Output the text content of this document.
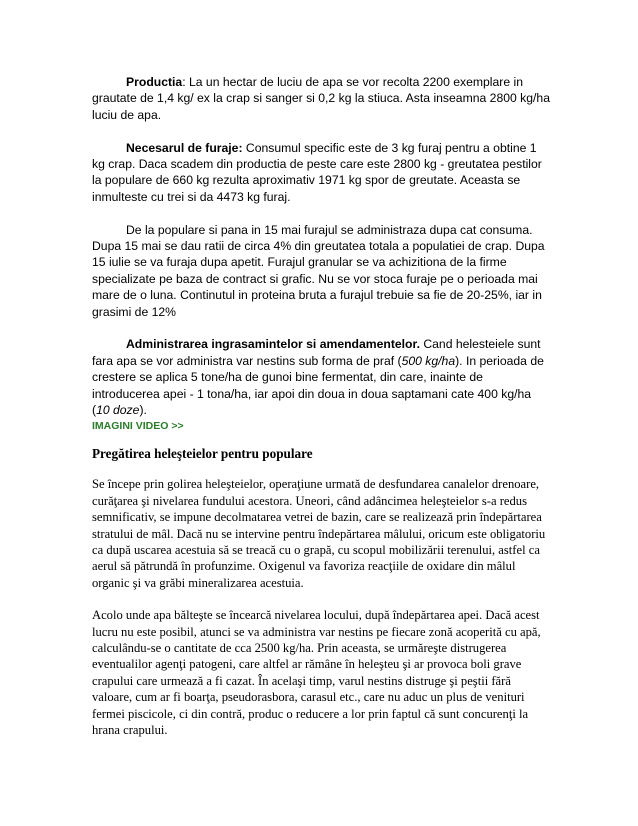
Productia: La un hectar de luciu de apa se vor recolta 2200 exemplare in grautate de 1,4 kg/ ex la crap si sanger si 0,2 kg la stiuca. Asta inseamna 2800 kg/ha luciu de apa.

Necesarul de furaje: Consumul specific este de 3 kg furaj pentru a obtine 1 kg crap. Daca scadem din productia de peste care este 2800 kg - greutatea pestilor la populare de 660 kg rezulta aproximativ 1971 kg spor de greutate. Aceasta se inmulteste cu trei si da 4473 kg furaj.

De la populare si pana in 15 mai furajul se administraza dupa cat consuma. Dupa 15 mai se dau ratii de circa 4% din greutatea totala a populatiei de crap. Dupa 15 iulie se va furaja dupa apetit. Furajul granular se va achizitiona de la firme specializate pe baza de contract si grafic. Nu se vor stoca furaje pe o perioada mai mare de o luna. Continutul in proteina bruta a furajul trebuie sa fie de 20-25%, iar in grasimi de 12%

Administrarea ingrasamintelor si amendamentelor. Cand helesteiele sunt fara apa se vor administra var nestins sub forma de praf (500 kg/ha). In perioada de crestere se aplica 5 tone/ha de gunoi bine fermentat, din care, inainte de introducerea apei - 1 tona/ha, iar apoi din doua in doua saptamani cate 400 kg/ha (10 doze).

IMAGINI VIDEO >>
Pregătirea heleşteielor pentru populare

Se începe prin golirea heleşteielor, operaţiune urmată de desfundarea canalelor drenoare, curăţarea şi nivelarea fundului acestora. Uneori, când adâncimea heleşteielor s-a redus semnificativ, se impune decolmatarea vetrei de bazin, care se realizează prin îndepărtarea stratului de mâl. Dacă nu se intervine pentru îndepărtarea mâlului, oricum este obligatoriu ca după uscarea acestuia să se treacă cu o grapă, cu scopul mobilizării terenului, astfel ca aerul să pătrundă în profunzime. Oxigenul va favoriza reacţiile de oxidare din mâlul organic şi va grăbi mineralizarea acestuia.

Acolo unde apa bălteşte se încearcă nivelarea locului, după îndepărtarea apei. Dacă acest lucru nu este posibil, atunci se va administra var nestins pe fiecare zonă acoperită cu apă, calculându-se o cantitate de cca 2500 kg/ha. Prin aceasta, se urmăreşte distrugerea eventualilor agenţi patogeni, care altfel ar rămâne în heleşteu şi ar provoca boli grave crapului care urmează a fi cazat. În acelaşi timp, varul nestins distruge şi peştii fără valoare, cum ar fi boarţa, pseudorasbora, carasul etc., care nu aduc un plus de venituri fermei piscicole, ci din contră, produc o reducere a lor prin faptul că sunt concurenţi la hrana crapului.
